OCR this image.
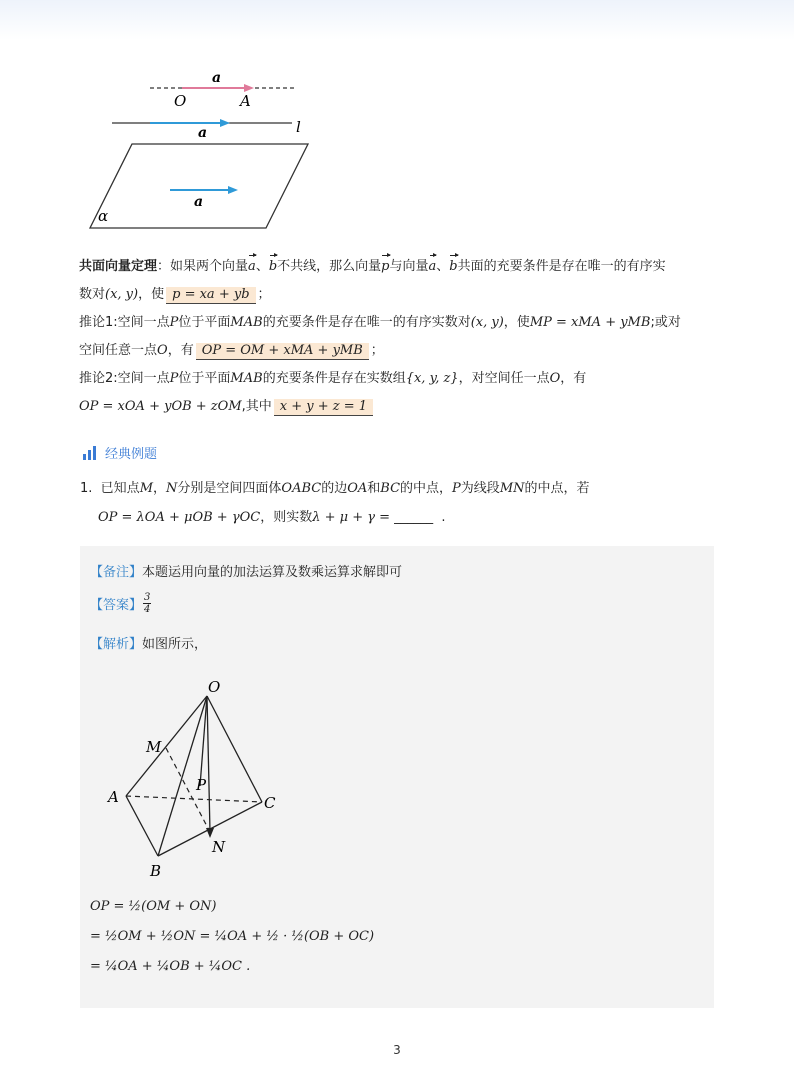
a
O	A
a	l
a
α
共面向量定理：如果两个向量a、b不共线，那么向量p与向量a、b共面的充要条件是存在唯一的有序实
数对(x, y)，使 p = xa + yb ；
推论1:空间一点P位于平面MAB的充要条件是存在唯一的有序实数对(x, y)，使MP = xMA + yMB;或对
空间任意一点O，有 OP = OM + xMA + yMB ；
推论2:空间一点P位于平面MAB的充要条件是存在实数组{x, y, z}，对空间任一点O，有
OP = xOA + yOB + zOM,其中 x + y + z = 1
经典例题
1. 已知点M，N分别是空间四面体OABC的边OA和BC的中点，P为线段MN的中点，若
OP = λOA + μOB + γOC，则实数λ + μ + γ = ______ .
【备注】本题运用向量的加法运算及数乘运算求解即可
【答案】 $\frac{3}{4}$
【解析】如图所示，
O
M
A
P
C
N
B
OP = ½(OM + ON)
= ½OM + ½ON = ¼OA + ½ · ½(OB + OC)
= ¼OA + ¼OB + ¼OC .
3
